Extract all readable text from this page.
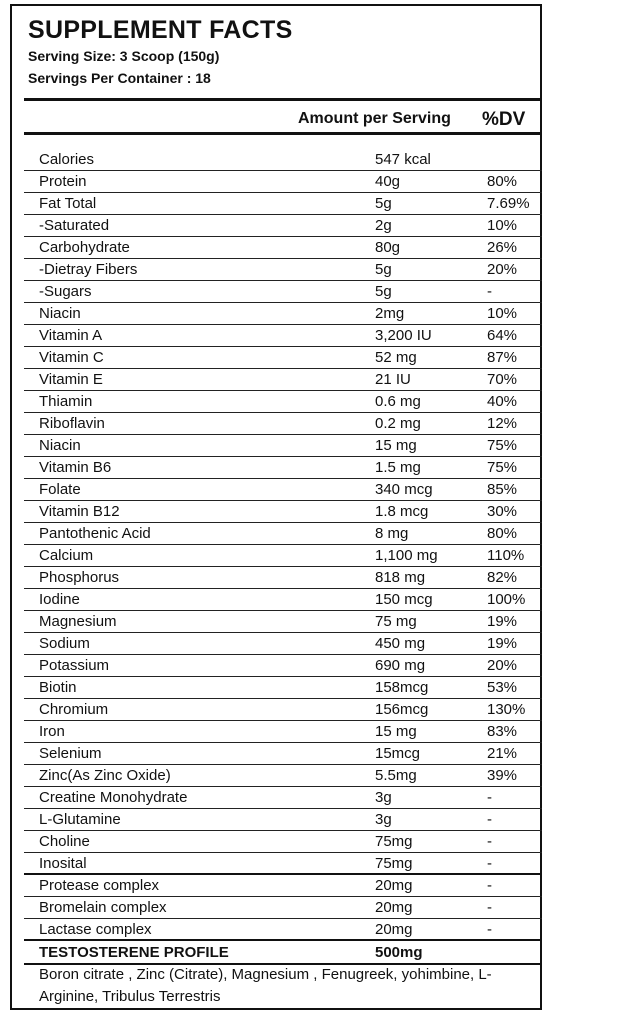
SUPPLEMENT FACTS
Serving Size: 3 Scoop (150g)
Servings Per Container : 18
Amount per Serving %DV
Calories	547 kcal
Protein	40g	80%
Fat Total	5g	7.69%
-Saturated	2g	10%
Carbohydrate	80g	26%
-Dietray Fibers	5g	20%
-Sugars	5g	-
Niacin	2mg	10%
Vitamin A	3,200 IU	64%
Vitamin C	52 mg	87%
Vitamin E	21 IU	70%
Thiamin	0.6 mg	40%
Riboflavin	0.2 mg	12%
Niacin	15 mg	75%
Vitamin B6	1.5 mg	75%
Folate	340 mcg	85%
Vitamin B12	1.8 mcg	30%
Pantothenic Acid	8 mg	80%
Calcium	1,100 mg	110%
Phosphorus	818 mg	82%
Iodine	150 mcg	100%
Magnesium	75 mg	19%
Sodium	450 mg	19%
Potassium	690 mg	20%
Biotin	158mcg	53%
Chromium	156mcg	130%
Iron	15 mg	83%
Selenium	15mcg	21%
Zinc(As Zinc Oxide)	5.5mg	39%
Creatine Monohydrate	3g	-
L-Glutamine	3g	-
Choline	75mg	-
Inosital	75mg	-
Protease complex	20mg	-
Bromelain complex	20mg	-
Lactase complex	20mg	-
TESTOSTERENE PROFILE	500mg
Boron citrate , Zinc (Citrate), Magnesium , Fenugreek, yohimbine, L-Arginine, Tribulus Terrestris
